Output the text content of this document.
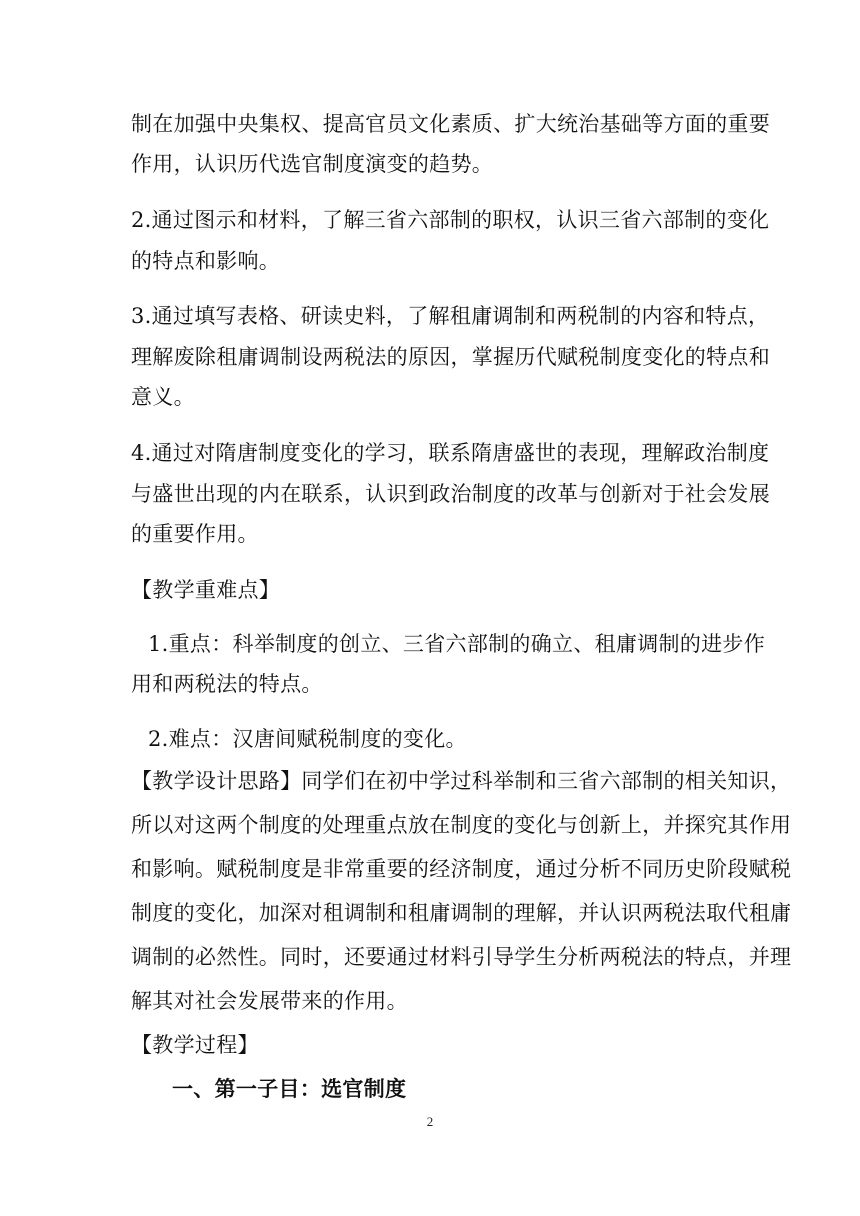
制在加强中央集权、提高官员文化素质、扩大统治基础等方面的重要
作用，认识历代选官制度演变的趋势。
2.通过图示和材料，了解三省六部制的职权，认识三省六部制的变化
的特点和影响。
3.通过填写表格、研读史料，了解租庸调制和两税制的内容和特点，
理解废除租庸调制设两税法的原因，掌握历代赋税制度变化的特点和
意义。
4.通过对隋唐制度变化的学习，联系隋唐盛世的表现，理解政治制度
与盛世出现的内在联系，认识到政治制度的改革与创新对于社会发展
的重要作用。
【教学重难点】
1.重点：科举制度的创立、三省六部制的确立、租庸调制的进步作
用和两税法的特点。
2.难点：汉唐间赋税制度的变化。
【教学设计思路】同学们在初中学过科举制和三省六部制的相关知识，
所以对这两个制度的处理重点放在制度的变化与创新上，并探究其作用
和影响。赋税制度是非常重要的经济制度，通过分析不同历史阶段赋税
制度的变化，加深对租调制和租庸调制的理解，并认识两税法取代租庸
调制的必然性。同时，还要通过材料引导学生分析两税法的特点，并理
解其对社会发展带来的作用。
【教学过程】
一、第一子目：选官制度
2
